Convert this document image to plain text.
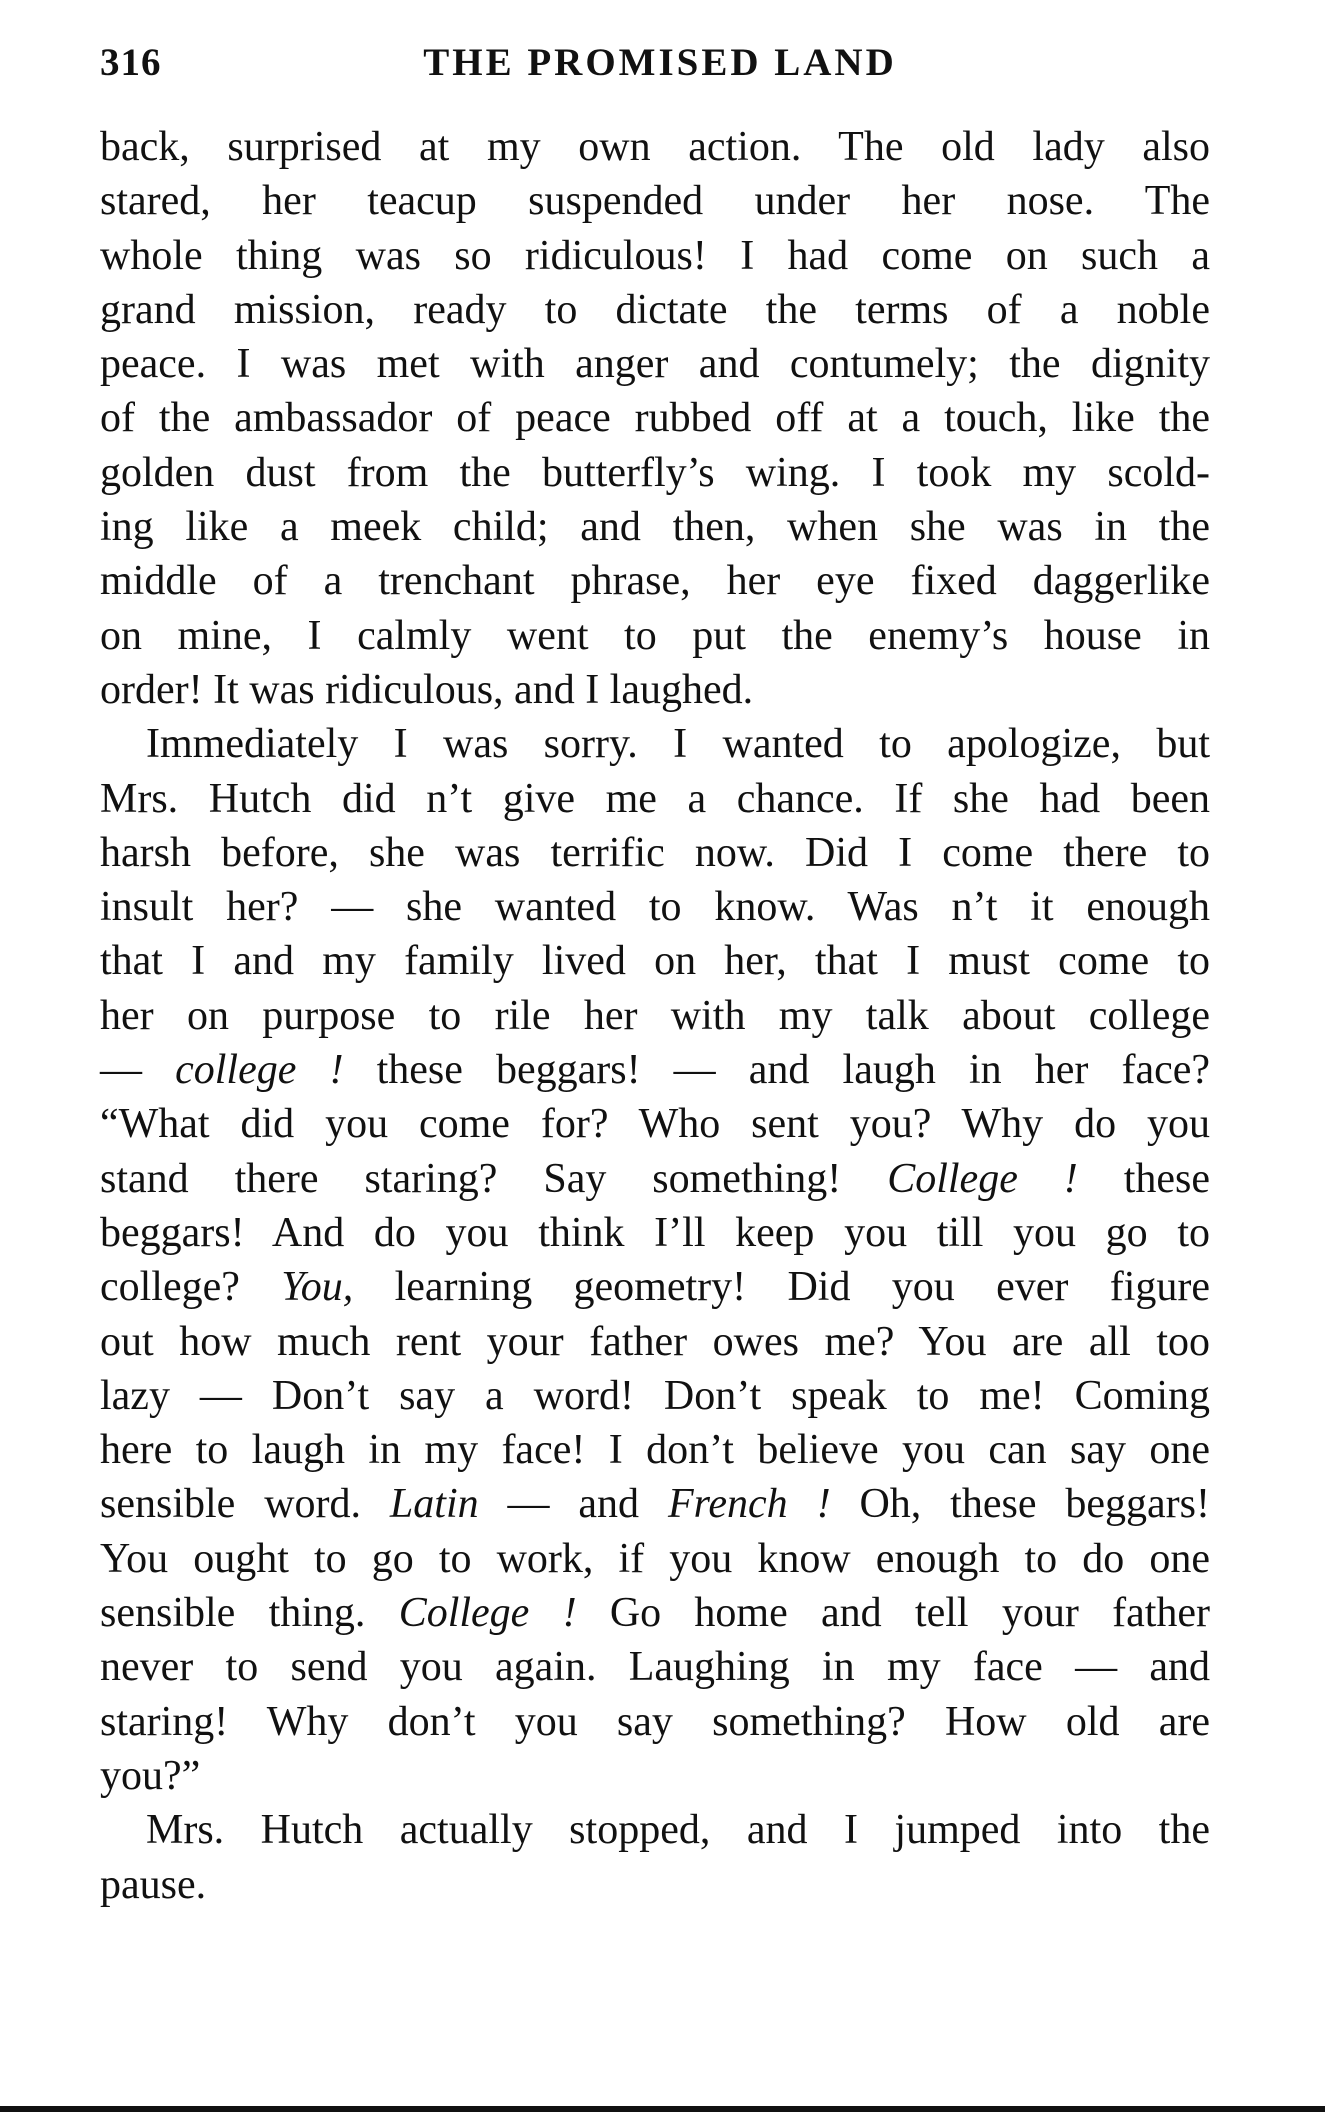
316	THE PROMISED LAND
back, surprised at my own action. The old lady also
stared, her teacup suspended under her nose. The
whole thing was so ridiculous! I had come on such a
grand mission, ready to dictate the terms of a noble
peace. I was met with anger and contumely; the dignity
of the ambassador of peace rubbed off at a touch, like the
golden dust from the butterfly’s wing. I took my scold-
ing like a meek child; and then, when she was in the
middle of a trenchant phrase, her eye fixed daggerlike
on mine, I calmly went to put the enemy’s house in
order! It was ridiculous, and I laughed.
Immediately I was sorry. I wanted to apologize, but
Mrs. Hutch did n’t give me a chance. If she had been
harsh before, she was terrific now. Did I come there to
insult her? — she wanted to know. Was n’t it enough
that I and my family lived on her, that I must come to
her on purpose to rile her with my talk about college
— college ! these beggars! — and laugh in her face?
“What did you come for? Who sent you? Why do you
stand there staring? Say something! College ! these
beggars! And do you think I’ll keep you till you go to
college? You, learning geometry! Did you ever figure
out how much rent your father owes me? You are all too
lazy — Don’t say a word! Don’t speak to me! Coming
here to laugh in my face! I don’t believe you can say one
sensible word. Latin — and French ! Oh, these beggars!
You ought to go to work, if you know enough to do one
sensible thing. College ! Go home and tell your father
never to send you again. Laughing in my face — and
staring! Why don’t you say something? How old are
you?”
Mrs. Hutch actually stopped, and I jumped into the
pause.
